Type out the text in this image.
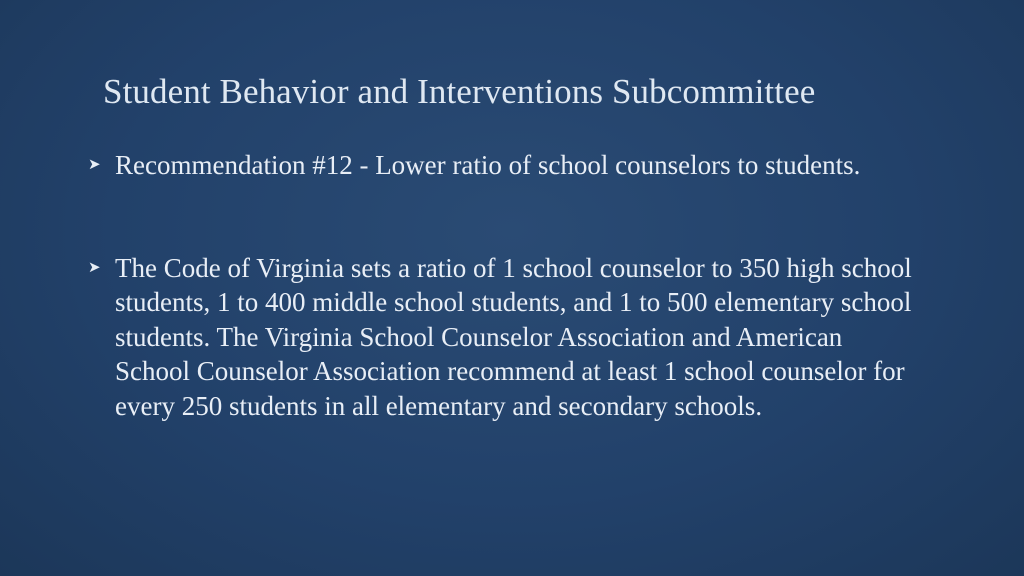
Student Behavior and Interventions Subcommittee
➤ Recommendation #12 - Lower ratio of school counselors to students.
➤ The Code of Virginia sets a ratio of 1 school counselor to 350 high school students, 1 to 400 middle school students, and 1 to 500 elementary school students. The Virginia School Counselor Association and American School Counselor Association recommend at least 1 school counselor for every 250 students in all elementary and secondary schools.
